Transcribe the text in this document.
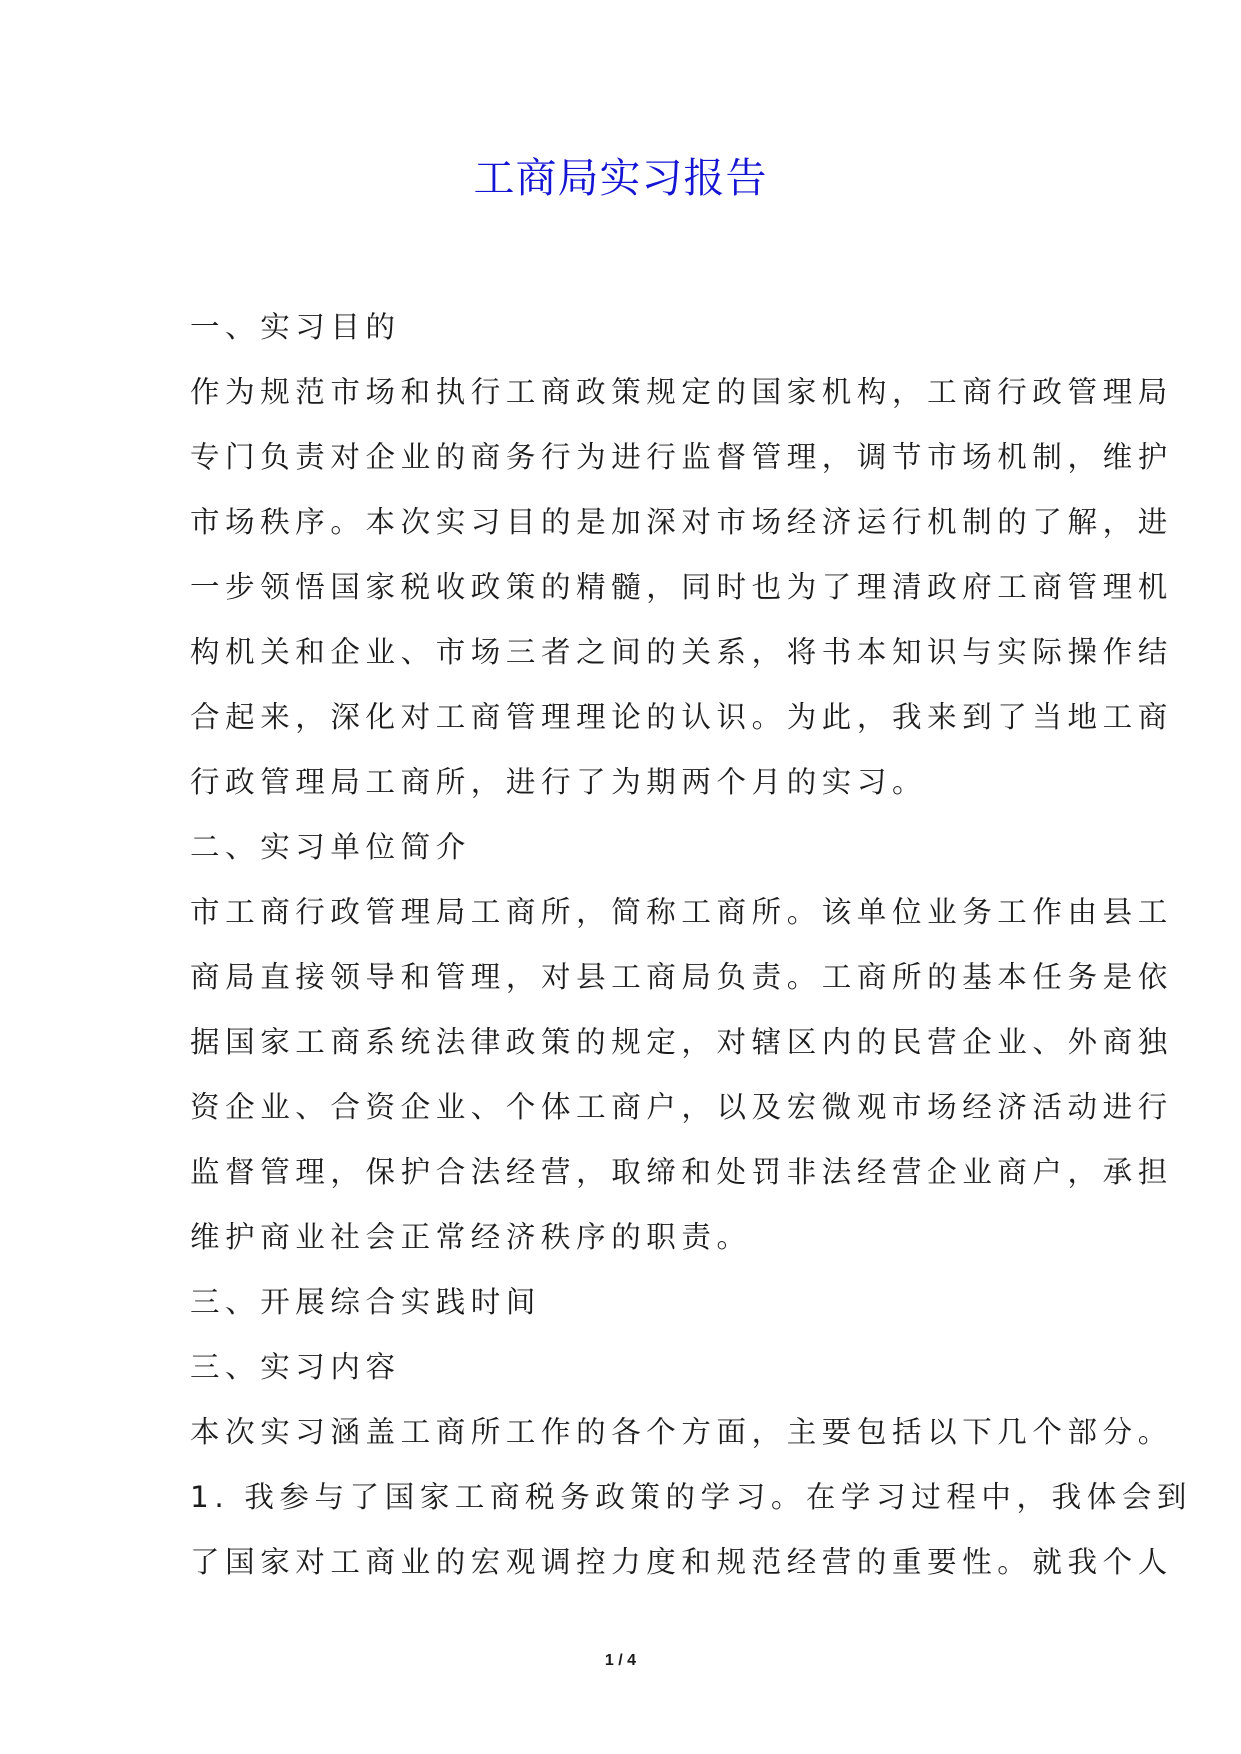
工商局实习报告
一、实习目的
作为规范市场和执行工商政策规定的国家机构，工商行政管理局
专门负责对企业的商务行为进行监督管理，调节市场机制，维护
市场秩序。本次实习目的是加深对市场经济运行机制的了解，进
一步领悟国家税收政策的精髓，同时也为了理清政府工商管理机
构机关和企业、市场三者之间的关系，将书本知识与实际操作结
合起来，深化对工商管理理论的认识。为此，我来到了当地工商
行政管理局工商所，进行了为期两个月的实习。
二、实习单位简介
市工商行政管理局工商所，简称工商所。该单位业务工作由县工
商局直接领导和管理，对县工商局负责。工商所的基本任务是依
据国家工商系统法律政策的规定，对辖区内的民营企业、外商独
资企业、合资企业、个体工商户，以及宏微观市场经济活动进行
监督管理，保护合法经营，取缔和处罚非法经营企业商户，承担
维护商业社会正常经济秩序的职责。
三、开展综合实践时间
三、实习内容
本次实习涵盖工商所工作的各个方面，主要包括以下几个部分。
1. 我参与了国家工商税务政策的学习。在学习过程中，我体会到
了国家对工商业的宏观调控力度和规范经营的重要性。就我个人
1 / 4
